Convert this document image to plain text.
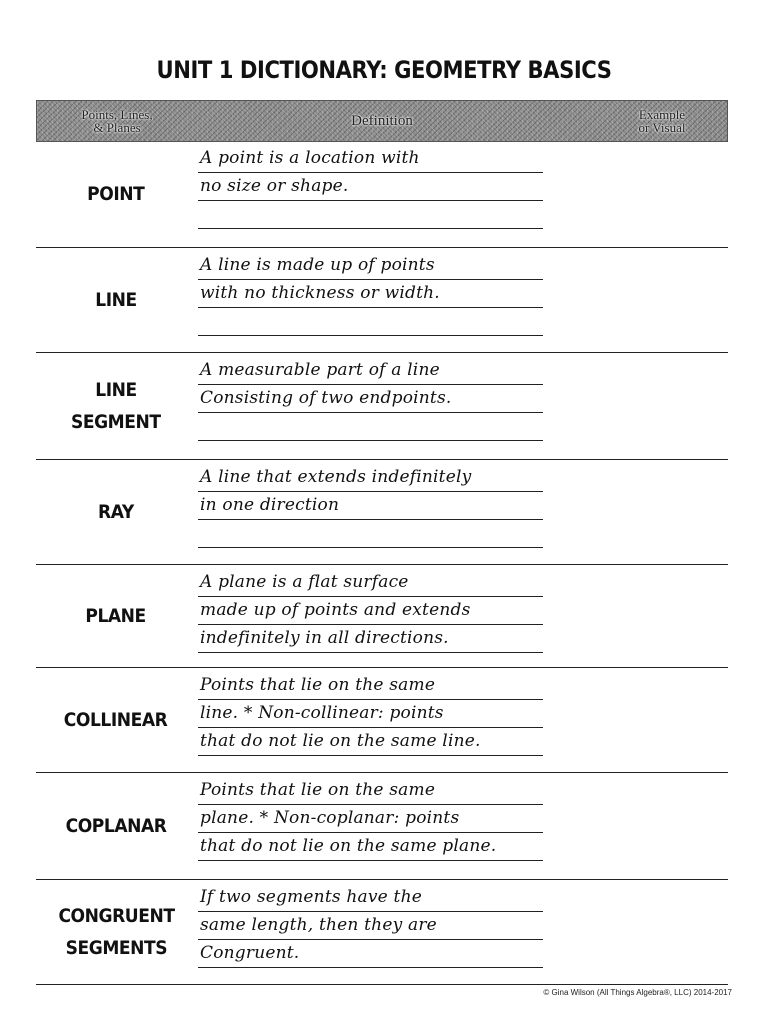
UNIT 1 DICTIONARY: GEOMETRY BASICS
Points, Lines,
& Planes	Definition	Example
or Visual
POINT
A point is a location with
no size or shape.
LINE
A line is made up of points
with no thickness or width.
LINE
SEGMENT
A measurable part of a line
Consisting of two endpoints.
RAY
A line that extends indefinitely
in one direction
PLANE
A plane is a flat surface
made up of points and extends
indefinitely in all directions.
COLLINEAR
Points that lie on the same
line. * Non-collinear: points
that do not lie on the same line.
COPLANAR
Points that lie on the same
plane. * Non-coplanar: points
that do not lie on the same plane.
CONGRUENT
SEGMENTS
If two segments have the
same length, then they are
Congruent.
© Gina Wilson (All Things Algebra®, LLC) 2014-2017
